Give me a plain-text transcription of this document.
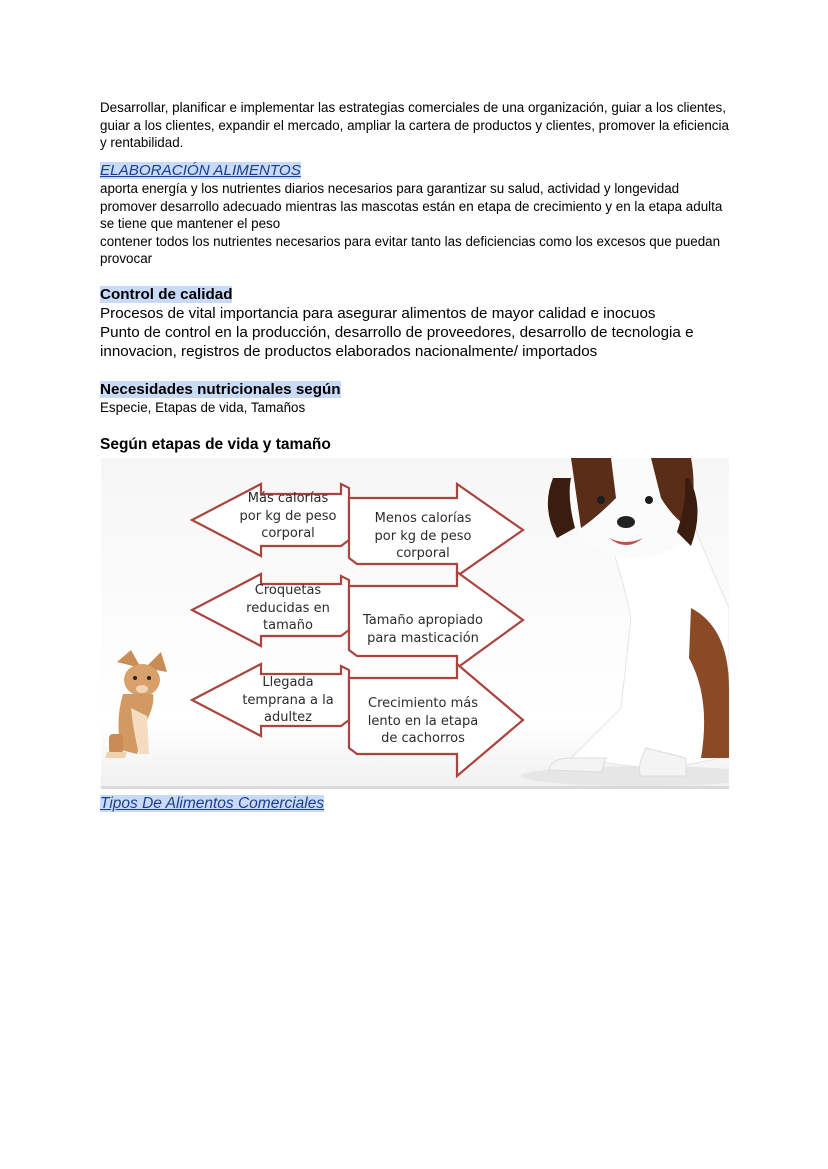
Desarrollar, planificar e implementar las estrategias comerciales de una organización, guiar a los clientes, guiar a los clientes, expandir el mercado, ampliar la cartera de productos y clientes, promover la eficiencia y rentabilidad.

ELABORACIÓN ALIMENTOS

aporta energía y los nutrientes diarios necesarios para garantizar su salud, actividad y longevidad

promover desarrollo adecuado mientras las mascotas están en etapa de crecimiento y en la etapa adulta se tiene que mantener el peso

contener todos los nutrientes necesarios para evitar tanto las deficiencias como los excesos que puedan provocar

Control de calidad

Procesos de vital importancia para asegurar alimentos de mayor calidad e inocuos

Punto de control en la producción, desarrollo de proveedores, desarrollo de tecnologia e innovacion, registros de productos elaborados nacionalmente/ importados

Necesidades nutricionales según

Especie, Etapas de vida, Tamaños

Según etapas de vida y tamaño
Más calorías
por kg de peso
corporal
Croquetas
reducidas en
tamaño
Llegada
temprana a la
adultez
Menos calorías
por kg de peso
corporal
Tamaño apropiado
para masticación
Crecimiento más
lento en la etapa
de cachorros
Tipos De Alimentos Comerciales
